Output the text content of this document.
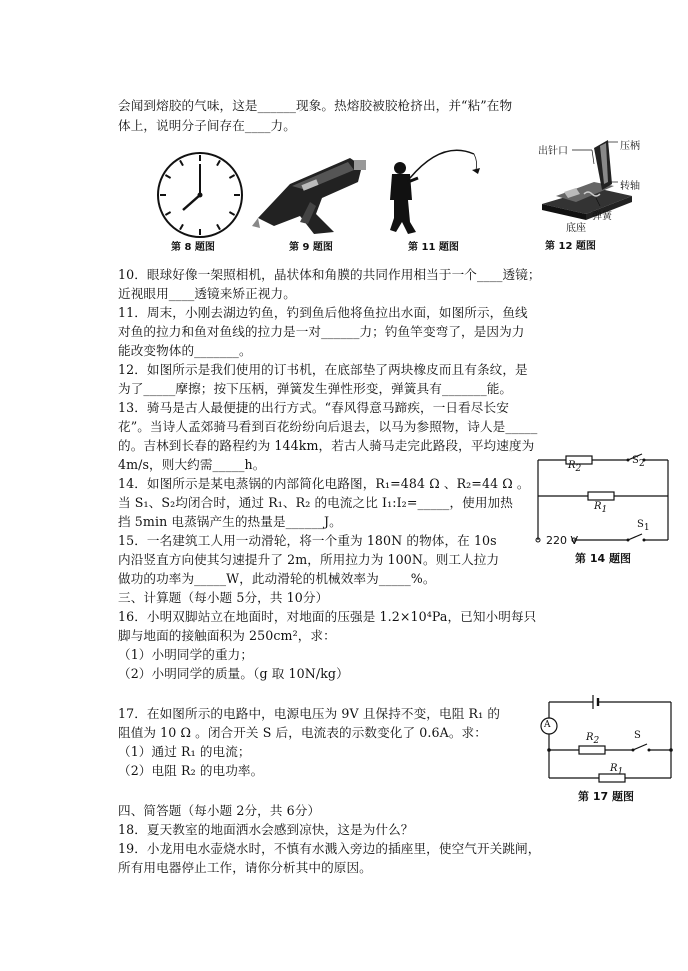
会闻到熔胶的气味，这是______现象。热熔胶被胶枪挤出，并“粘”在物
体上，说明分子间存在____力。
第 8 题图	第 9 题图	第 11 题图
出针口	压柄
转轴
弹簧
底座
第 12 题图
10．眼球好像一架照相机，晶状体和角膜的共同作用相当于一个____透镜；
近视眼用____透镜来矫正视力。
11．周末，小刚去湖边钓鱼，钓到鱼后他将鱼拉出水面，如图所示，鱼线
对鱼的拉力和鱼对鱼线的拉力是一对______力；钓鱼竿变弯了，是因为力
能改变物体的_______。
12．如图所示是我们使用的订书机，在底部垫了两块橡皮而且有条纹，是
为了_____摩擦；按下压柄，弹簧发生弹性形变，弹簧具有_______能。
13．骑马是古人最便捷的出行方式。“春风得意马蹄疾，一日看尽长安
花”。当诗人孟郊骑马看到百花纷纷向后退去，以马为参照物，诗人是_____
的。吉林到长春的路程约为 144km，若古人骑马走完此路段，平均速度为
4m/s，则大约需_____h。
14．如图所示是某电蒸锅的内部简化电路图，R₁=484 Ω 、R₂=44 Ω 。
当 S₁、S₂均闭合时，通过 R₁、R₂ 的电流之比 I₁:I₂=_____，使用加热
挡 5min 电蒸锅产生的热量是______J。
15．一名建筑工人用一动滑轮，将一个重为 180N 的物体，在 10s
内沿竖直方向使其匀速提升了 2m，所用拉力为 100N。则工人拉力
做功的功率为_____W，此动滑轮的机械效率为_____%。
$R_2$
$S_2$
$R_1$
$S_1$
220 V
第 14 题图
三、计算题（每小题 5分，共 10分）
16．小明双脚站立在地面时，对地面的压强是 1.2×10⁴Pa，已知小明每只
脚与地面的接触面积为 250cm²，求：
（1）小明同学的重力；
（2）小明同学的质量。（g 取 10N/kg）
17．在如图所示的电路中，电源电压为 9V 且保持不变，电阻 R₁ 的
阻值为 10 Ω 。闭合开关 S 后，电流表的示数变化了 0.6A。求：
（1）通过 R₁ 的电流；
（2）电阻 R₂ 的电功率。
A
$R_2$	S
$R_1$
第 17 题图
四、简答题（每小题 2分，共 6分）
18．夏天教室的地面洒水会感到凉快，这是为什么？
19．小龙用电水壶烧水时，不慎有水溅入旁边的插座里，使空气开关跳闸，
所有用电器停止工作，请你分析其中的原因。
